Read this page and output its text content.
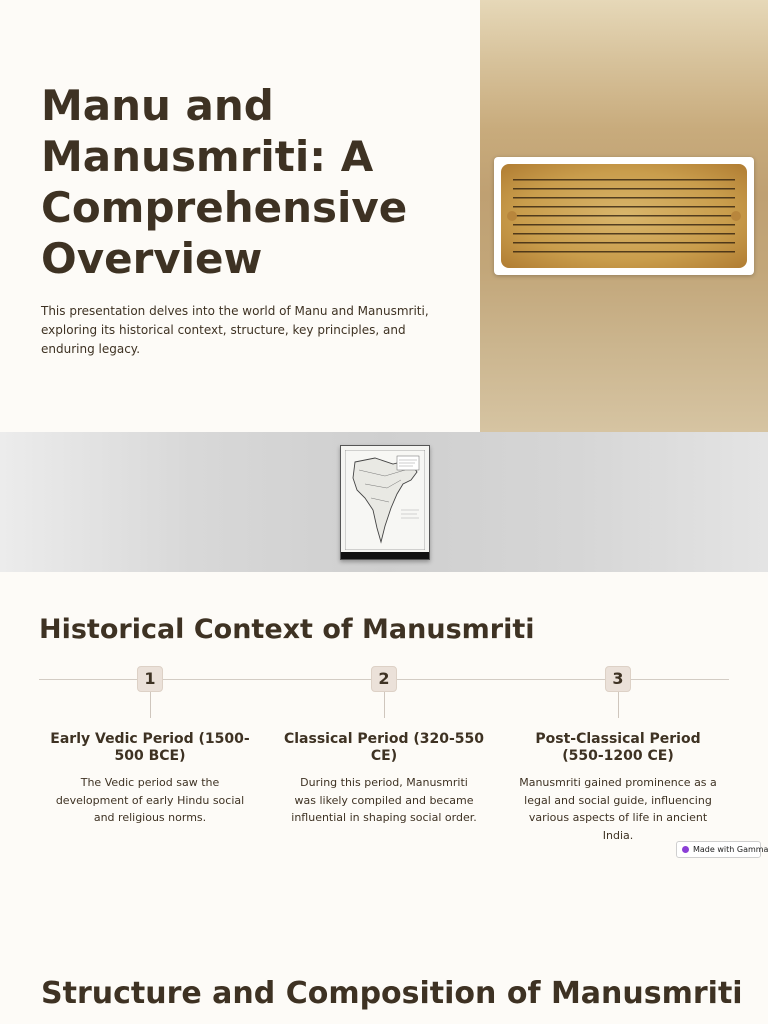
Manu and Manusmriti: A Comprehensive Overview

This presentation delves into the world of Manu and Manusmriti, exploring its historical context, structure, key principles, and enduring legacy.

Historical Context of Manusmriti
1	2	3
Early Vedic Period (1500-500 BCE)

The Vedic period saw the development of early Hindu social and religious norms.

Classical Period (320-550 CE)

During this period, Manusmriti was likely compiled and became influential in shaping social order.

Post-Classical Period (550-1200 CE)

Manusmriti gained prominence as a legal and social guide, influencing various aspects of life in ancient India.

Made with Gamma
Structure and Composition of Manusmriti
